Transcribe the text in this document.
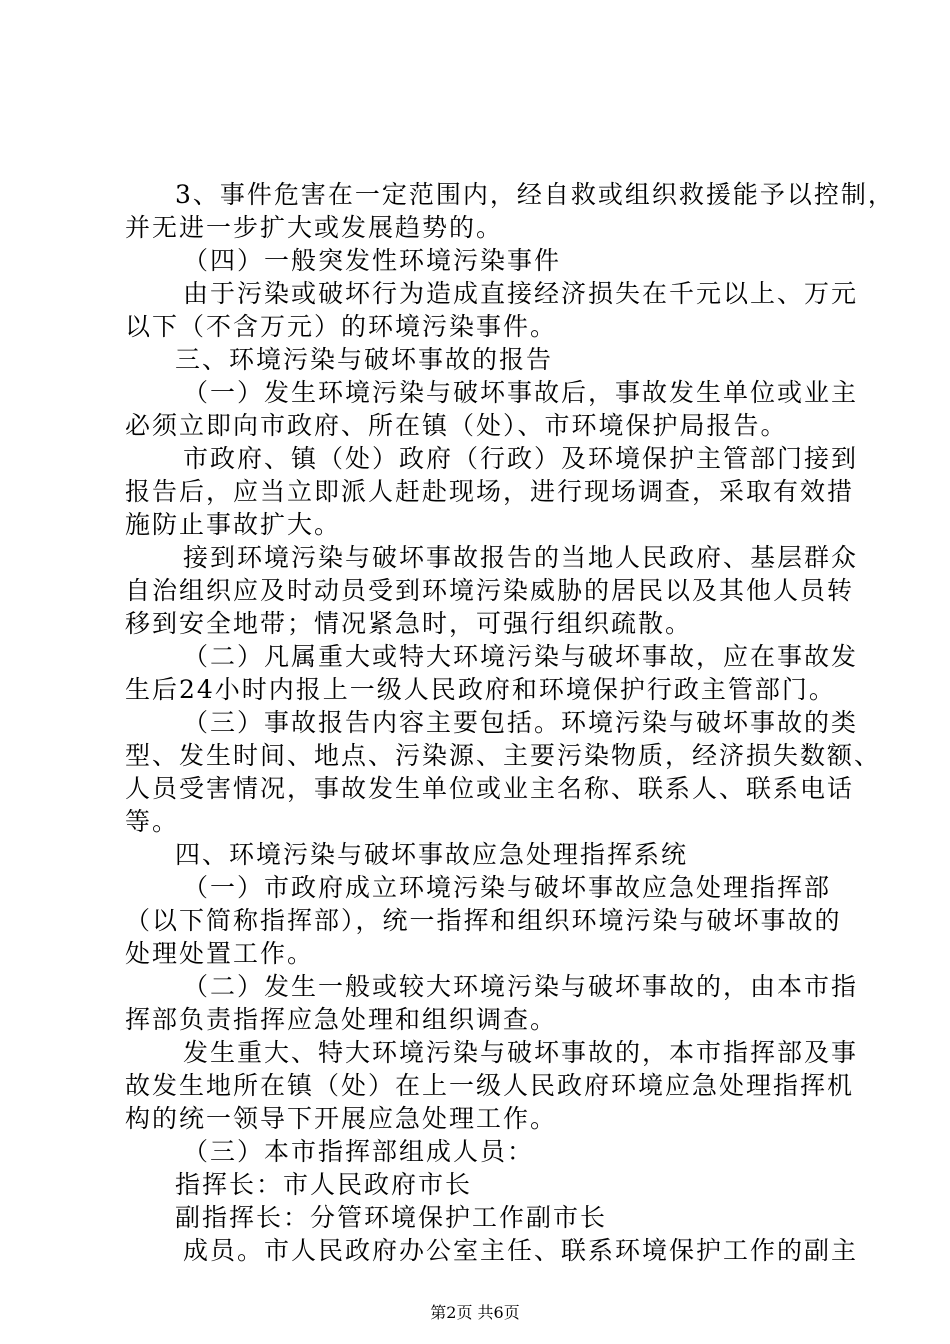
3、事件危害在一定范围内，经自救或组织救援能予以控制，

并无进一步扩大或发展趋势的。

（四）一般突发性环境污染事件

由于污染或破坏行为造成直接经济损失在千元以上、万元

以下（不含万元）的环境污染事件。

三、环境污染与破坏事故的报告

（一）发生环境污染与破坏事故后，事故发生单位或业主

必须立即向市政府、所在镇（处）、市环境保护局报告。

市政府、镇（处）政府（行政）及环境保护主管部门接到

报告后，应当立即派人赶赴现场，进行现场调查，采取有效措

施防止事故扩大。

接到环境污染与破坏事故报告的当地人民政府、基层群众

自治组织应及时动员受到环境污染威胁的居民以及其他人员转

移到安全地带；情况紧急时，可强行组织疏散。

（二）凡属重大或特大环境污染与破坏事故，应在事故发

生后24小时内报上一级人民政府和环境保护行政主管部门。

（三）事故报告内容主要包括。环境污染与破坏事故的类

型、发生时间、地点、污染源、主要污染物质，经济损失数额、

人员受害情况，事故发生单位或业主名称、联系人、联系电话

等。

四、环境污染与破坏事故应急处理指挥系统

（一）市政府成立环境污染与破坏事故应急处理指挥部

（以下简称指挥部），统一指挥和组织环境污染与破坏事故的

处理处置工作。

（二）发生一般或较大环境污染与破坏事故的，由本市指

挥部负责指挥应急处理和组织调查。

发生重大、特大环境污染与破坏事故的，本市指挥部及事

故发生地所在镇（处）在上一级人民政府环境应急处理指挥机

构的统一领导下开展应急处理工作。

（三）本市指挥部组成人员：

指挥长：市人民政府市长

副指挥长：分管环境保护工作副市长

成员。市人民政府办公室主任、联系环境保护工作的副主

第2页 共6页
